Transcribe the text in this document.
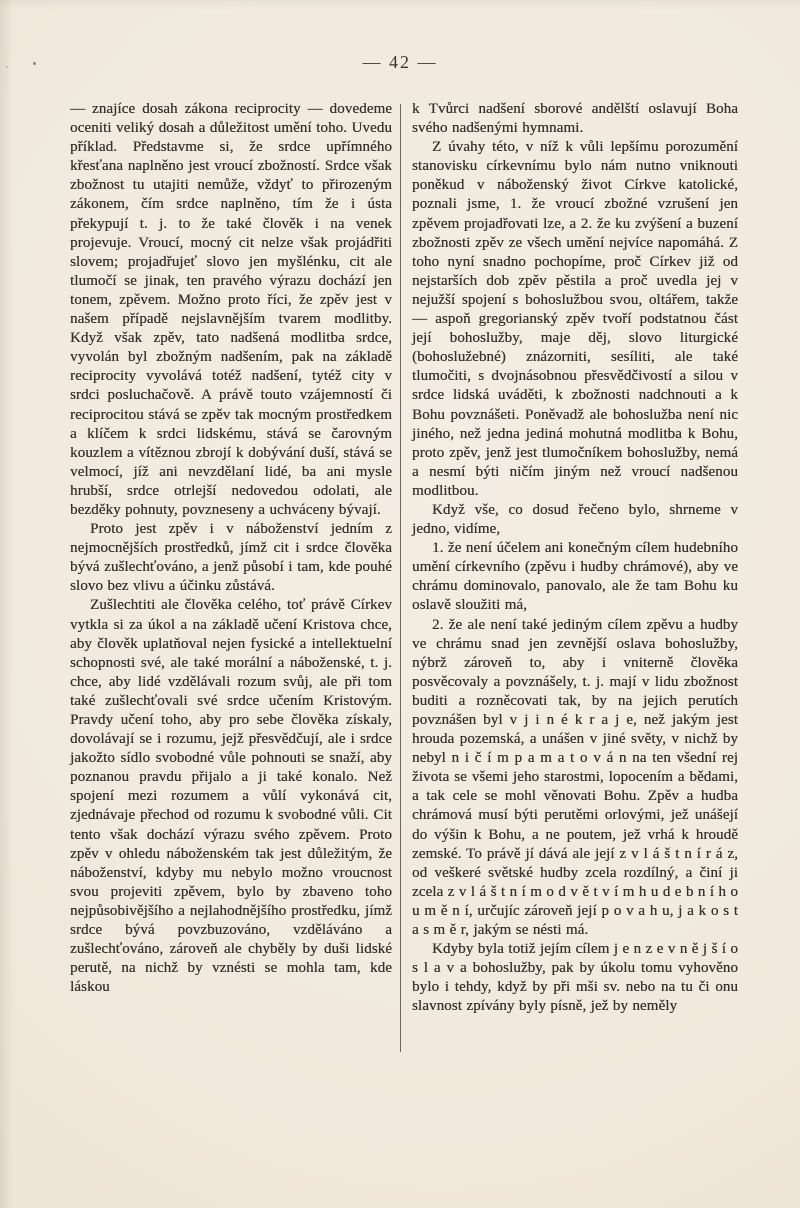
— 42 —

— znajíce dosah zákona reciprocity — dovedeme oceniti veliký dosah a důležitost umění toho. Uvedu příklad. Představme si, že srdce upřímného křesťana naplněno jest vroucí zbožností. Srdce však zbožnost tu utajiti nemůže, vždyť to přirozeným zákonem, čím srdce naplněno, tím že i ústa překypují t. j. to že také člověk i na venek projevuje. Vroucí, mocný cit nelze však projádřiti slovem; projadřujeť slovo jen myšlénku, cit ale tlumočí se jinak, ten pravého výrazu dochází jen tonem, zpěvem. Možno proto říci, že zpěv jest v našem případě nejslavnějším tvarem modlitby. Když však zpěv, tato nadšená modlitba srdce, vyvolán byl zbožným nadšením, pak na základě reciprocity vyvolává totéž nadšení, tytéž city v srdci posluchačově. A právě touto vzájemností či reciprocitou stává se zpěv tak mocným prostředkem a klíčem k srdci lidskému, stává se čarovným kouzlem a vítěznou zbrojí k dobývání duší, stává se velmocí, jíž ani nevzdělaní lidé, ba ani mysle hrubší, srdce otrlejší nedovedou odolati, ale bezděky pohnuty, povzneseny a uchváceny bývají.

Proto jest zpěv i v náboženství jedním z nejmocnějších prostředků, jímž cit i srdce člověka bývá zušlechťováno, a jenž působí i tam, kde pouhé slovo bez vlivu a účinku zůstává.

Zušlechtiti ale člověka celého, toť právě Církev vytkla si za úkol a na základě učení Kristova chce, aby člověk uplatňoval nejen fysické a intellektuelní schopnosti své, ale také morální a náboženské, t. j. chce, aby lidé vzdělávali rozum svůj, ale při tom také zušlechťovali své srdce učením Kristovým. Pravdy učení toho, aby pro sebe člověka získaly, dovolávají se i rozumu, jejž přesvědčují, ale i srdce jakožto sídlo svobodné vůle pohnouti se snaží, aby poznanou pravdu přijalo a ji také konalo. Než spojení mezi rozumem a vůlí vykonává cit, zjednávaje přechod od rozumu k svobodné vůli. Cit tento však dochází výrazu svého zpěvem. Proto zpěv v ohledu náboženském tak jest důležitým, že náboženství, kdyby mu nebylo možno vroucnost svou projeviti zpěvem, bylo by zbaveno toho nejpůsobivějšího a nejlahodnějšího prostředku, jímž srdce bývá povzbuzováno, vzděláváno a zušlechťováno, zároveň ale chyběly by duši lidské perutě, na nichž by vznésti se mohla tam, kde láskou

k Tvůrci nadšení sborové andělští oslavují Boha svého nadšenými hymnami.

Z úvahy této, v níž k vůli lepšímu porozumění stanovisku církevnímu bylo nám nutno vniknouti poněkud v náboženský život Církve katolické, poznali jsme, 1. že vroucí zbožné vzrušení jen zpěvem projadřovati lze, a 2. že ku zvýšení a buzení zbožnosti zpěv ze všech umění nejvíce napomáhá. Z toho nyní snadno pochopíme, proč Církev již od nejstarších dob zpěv pěstila a proč uvedla jej v nejužší spojení s bohoslužbou svou, oltářem, takže — aspoň gregorianský zpěv tvoří podstatnou část její bohoslužby, maje děj, slovo liturgické (bohoslužebné) znázorniti, sesíliti, ale také tlumočiti, s dvojnásobnou přesvědčivostí a silou v srdce lidská uváděti, k zbožnosti nadchnouti a k Bohu povznášeti. Poněvadž ale bohoslužba není nic jiného, než jedna jediná mohutná modlitba k Bohu, proto zpěv, jenž jest tlumočníkem bohoslužby, nemá a nesmí býti ničím jiným než vroucí nadšenou modlitbou.

Když vše, co dosud řečeno bylo, shrneme v jedno, vidíme,

1. že není účelem ani konečným cílem hudebního umění církevního (zpěvu i hudby chrámové), aby ve chrámu dominovalo, panovalo, ale že tam Bohu ku oslavě sloužiti má,

2. že ale není také jediným cílem zpěvu a hudby ve chrámu snad jen zevnější oslava bohoslužby, nýbrž zároveň to, aby i vniterně člověka posvěcovaly a povznášely, t. j. mají v lidu zbožnost buditi a rozněcovati tak, by na jejich perutích povznášen byl v j i n é k r a j e, než jakým jest hrouda pozemská, a unášen v jiné světy, v nichž by nebyl n i č í m p a m a t o v á n na ten všední rej života se všemi jeho starostmi, lopocením a bědami, a tak cele se mohl věnovati Bohu. Zpěv a hudba chrámová musí býti perutěmi orlovými, jež unášejí do výšin k Bohu, a ne poutem, jež vrhá k hroudě zemské. To právě jí dává ale její z v l á š t n í r á z, od veškeré světské hudby zcela rozdílný, a činí ji zcela z v l á š t n í m o d v ě t v í m h u d e b n í h o u m ě n í, určujíc zároveň její p o v a h u, j a k o s t a s m ě r, jakým se nésti má.

Kdyby byla totiž jejím cílem j e n z e v n ě j š í o s l a v a bohoslužby, pak by úkolu tomu vyhověno bylo i tehdy, když by při mši sv. nebo na tu či onu slavnost zpívány byly písně, jež by neměly
